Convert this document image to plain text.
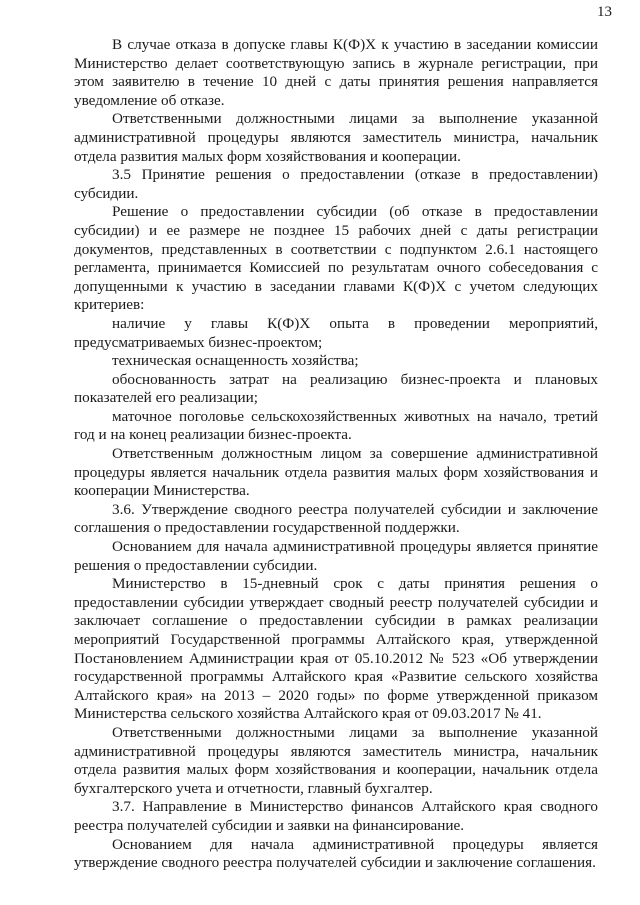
13

В случае отказа в допуске главы К(Ф)Х к участию в заседании комиссии Министерство делает соответствующую запись в журнале регистрации, при этом заявителю в течение 10 дней с даты принятия решения направляется уведомление об отказе.

Ответственными должностными лицами за выполнение указанной административной процедуры являются заместитель министра, начальник отдела развития малых форм хозяйствования и кооперации.

3.5 Принятие решения о предоставлении (отказе в предоставлении) субсидии.

Решение о предоставлении субсидии (об отказе в предоставлении субсидии) и ее размере не позднее 15 рабочих дней с даты регистрации документов, представленных в соответствии с подпунктом 2.6.1 настоящего регламента, принимается Комиссией по результатам очного собеседования с допущенными к участию в заседании главами К(Ф)Х с учетом следующих критериев:

наличие у главы К(Ф)Х опыта в проведении мероприятий, предусматриваемых бизнес-проектом;

техническая оснащенность хозяйства;

обоснованность затрат на реализацию бизнес-проекта и плановых показателей его реализации;

маточное поголовье сельскохозяйственных животных на начало, третий год и на конец реализации бизнес-проекта.

Ответственным должностным лицом за совершение административной процедуры является начальник отдела развития малых форм хозяйствования и кооперации Министерства.

3.6. Утверждение сводного реестра получателей субсидии и заключение соглашения о предоставлении государственной поддержки.

Основанием для начала административной процедуры является принятие решения о предоставлении субсидии.

Министерство в 15-дневный срок с даты принятия решения о предоставлении субсидии утверждает сводный реестр получателей субсидии и заключает соглашение о предоставлении субсидии в рамках реализации мероприятий Государственной программы Алтайского края, утвержденной Постановлением Администрации края от 05.10.2012 № 523 «Об утверждении государственной программы Алтайского края «Развитие сельского хозяйства Алтайского края» на 2013 – 2020 годы» по форме утвержденной приказом Министерства сельского хозяйства Алтайского края от 09.03.2017 № 41.

Ответственными должностными лицами за выполнение указанной административной процедуры являются заместитель министра, начальник отдела развития малых форм хозяйствования и кооперации, начальник отдела бухгалтерского учета и отчетности, главный бухгалтер.

3.7. Направление в Министерство финансов Алтайского края сводного реестра получателей субсидии и заявки на финансирование.

Основанием для начала административной процедуры является утверждение сводного реестра получателей субсидии и заключение соглашения.
